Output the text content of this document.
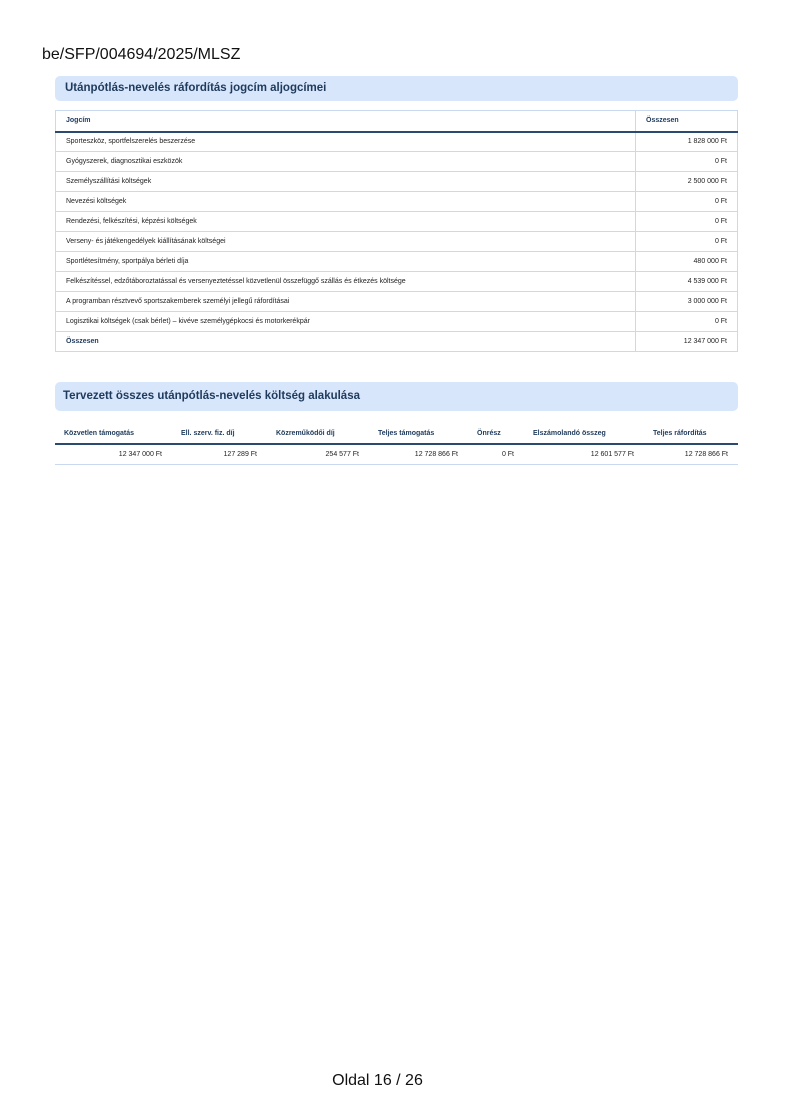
be/SFP/004694/2025/MLSZ
Utánpótlás-nevelés ráfordítás jogcím aljogcímei
Jogcím	Összesen
Sporteszköz, sportfelszerelés beszerzése	1 828 000 Ft
Gyógyszerek, diagnosztikai eszközök	0 Ft
Személyszállítási költségek	2 500 000 Ft
Nevezési költségek	0 Ft
Rendezési, felkészítési, képzési költségek	0 Ft
Verseny- és játékengedélyek kiállításának költségei	0 Ft
Sportlétesítmény, sportpálya bérleti díja	480 000 Ft
Felkészítéssel, edzőtáboroztatással és versenyeztetéssel közvetlenül összefüggő szállás és étkezés költsége	4 539 000 Ft
A programban résztvevő sportszakemberek személyi jellegű ráfordításai	3 000 000 Ft
Logisztikai költségek (csak bérlet) – kivéve személygépkocsi és motorkerékpár	0 Ft
Összesen	12 347 000 Ft
Tervezett összes utánpótlás-nevelés költség alakulása
Közvetlen támogatás	Ell. szerv. fiz. díj	Közreműködői díj	Teljes támogatás	Önrész	Elszámolandó összeg	Teljes ráfordítás
12 347 000 Ft	127 289 Ft	254 577 Ft	12 728 866 Ft	0 Ft	12 601 577 Ft	12 728 866 Ft
Oldal 16 / 26
